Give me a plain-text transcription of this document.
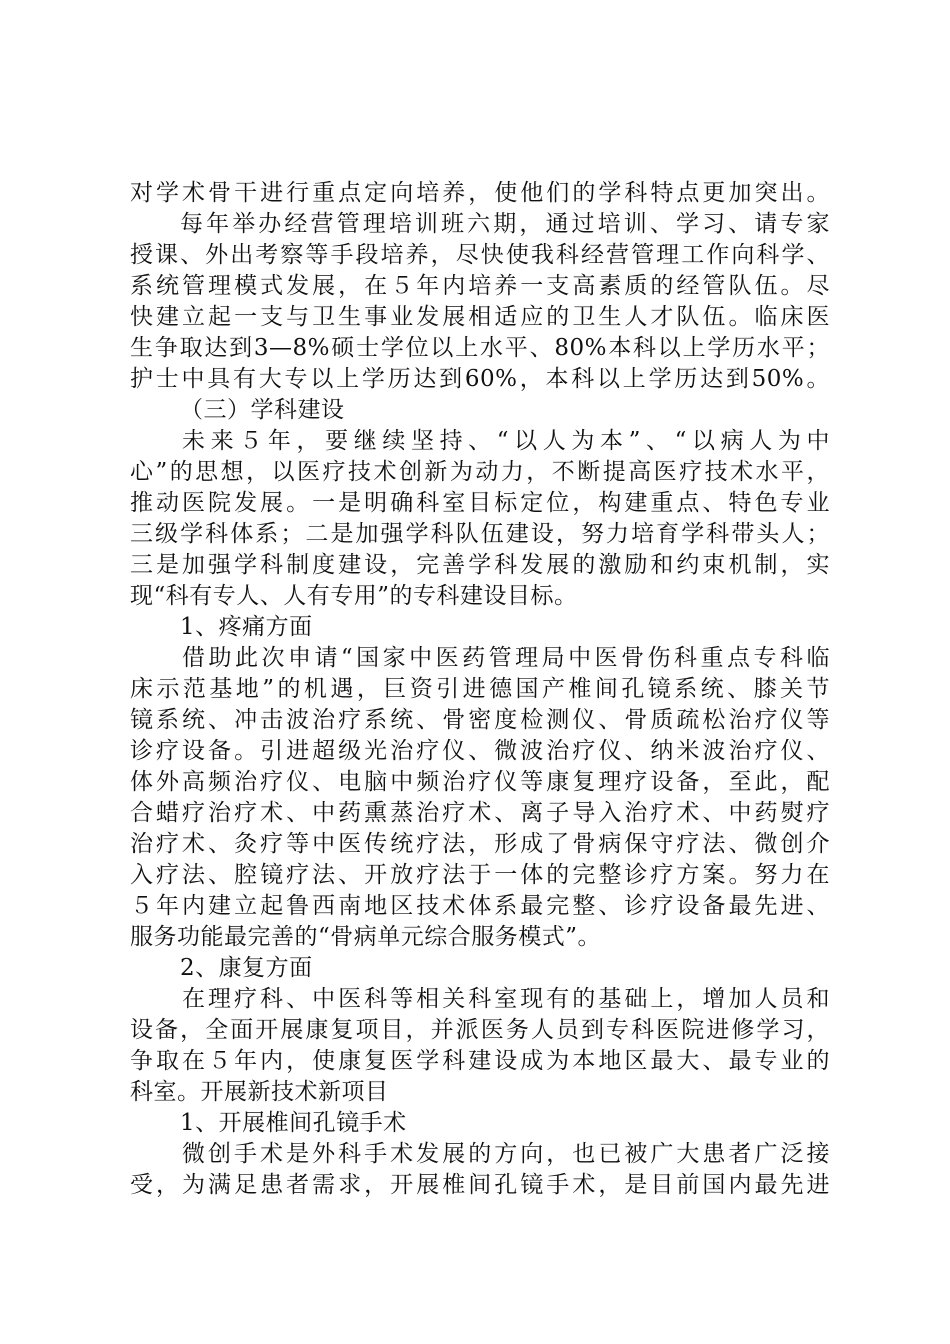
对学术骨干进行重点定向培养，使他们的学科特点更加突出。
每年举办经营管理培训班六期，通过培训、学习、请专家
授课、外出考察等手段培养，尽快使我科经营管理工作向科学、
系统管理模式发展，在５年内培养一支高素质的经管队伍。尽
快建立起一支与卫生事业发展相适应的卫生人才队伍。临床医
生争取达到3—8%硕士学位以上水平、80%本科以上学历水平；
护士中具有大专以上学历达到60%，本科以上学历达到50%。
（三）学科建设
未来５年，要继续坚持、“以人为本”、“以病人为中
心”的思想，以医疗技术创新为动力，不断提高医疗技术水平，
推动医院发展。一是明确科室目标定位，构建重点、特色专业
三级学科体系；二是加强学科队伍建设，努力培育学科带头人；
三是加强学科制度建设，完善学科发展的激励和约束机制，实
现“科有专人、人有专用”的专科建设目标。
1、疼痛方面
借助此次申请“国家中医药管理局中医骨伤科重点专科临
床示范基地”的机遇，巨资引进德国产椎间孔镜系统、膝关节
镜系统、冲击波治疗系统、骨密度检测仪、骨质疏松治疗仪等
诊疗设备。引进超级光治疗仪、微波治疗仪、纳米波治疗仪、
体外高频治疗仪、电脑中频治疗仪等康复理疗设备，至此，配
合蜡疗治疗术、中药熏蒸治疗术、离子导入治疗术、中药熨疗
治疗术、灸疗等中医传统疗法，形成了骨病保守疗法、微创介
入疗法、腔镜疗法、开放疗法于一体的完整诊疗方案。努力在
５年内建立起鲁西南地区技术体系最完整、诊疗设备最先进、
服务功能最完善的“骨病单元综合服务模式”。
2、康复方面
在理疗科、中医科等相关科室现有的基础上，增加人员和
设备，全面开展康复项目，并派医务人员到专科医院进修学习，
争取在５年内，使康复医学科建设成为本地区最大、最专业的
科室。开展新技术新项目
1、开展椎间孔镜手术
微创手术是外科手术发展的方向，也已被广大患者广泛接
受，为满足患者需求，开展椎间孔镜手术，是目前国内最先进
